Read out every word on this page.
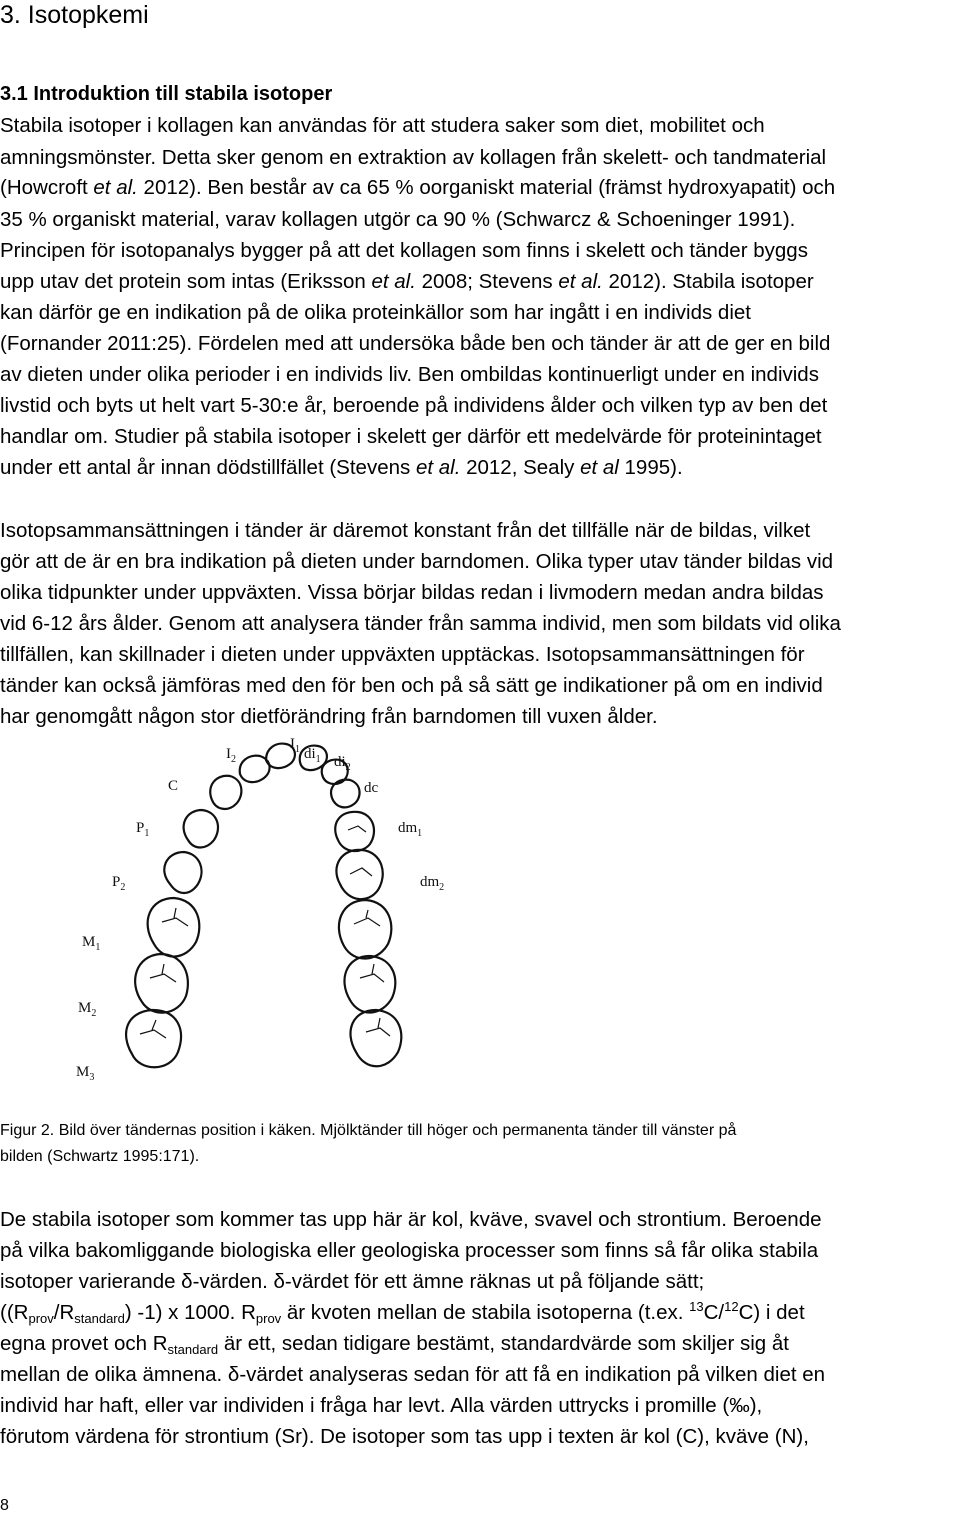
3. Isotopkemi
3.1 Introduktion till stabila isotoper
Stabila isotoper i kollagen kan användas för att studera saker som diet, mobilitet och
amningsmönster. Detta sker genom en extraktion av kollagen från skelett- och tandmaterial
(Howcroft et al. 2012). Ben består av ca 65 % oorganiskt material (främst hydroxyapatit) och
35 % organiskt material, varav kollagen utgör ca 90 % (Schwarcz & Schoeninger 1991).
Principen för isotopanalys bygger på att det kollagen som finns i skelett och tänder byggs
upp utav det protein som intas (Eriksson et al. 2008; Stevens et al. 2012). Stabila isotoper
kan därför ge en indikation på de olika proteinkällor som har ingått i en individs diet
(Fornander 2011:25). Fördelen med att undersöka både ben och tänder är att de ger en bild
av dieten under olika perioder i en individs liv. Ben ombildas kontinuerligt under en individs
livstid och byts ut helt vart 5-30:e år, beroende på individens ålder och vilken typ av ben det
handlar om. Studier på stabila isotoper i skelett ger därför ett medelvärde för proteinintaget
under ett antal år innan dödstillfället (Stevens et al. 2012, Sealy et al 1995).
Isotopsammansättningen i tänder är däremot konstant från det tillfälle när de bildas, vilket
gör att de är en bra indikation på dieten under barndomen. Olika typer utav tänder bildas vid
olika tidpunkter under uppväxten. Vissa börjar bildas redan i livmodern medan andra bildas
vid 6-12 års ålder. Genom att analysera tänder från samma individ, men som bildats vid olika
tillfällen, kan skillnader i dieten under uppväxten upptäckas. Isotopsammansättningen för
tänder kan också jämföras med den för ben och på så sätt ge indikationer på om en individ
har genomgått någon stor dietförändring från barndomen till vuxen ålder.
$I_1$
$I_2$	$di_1$ $di_2$
C	dc
$P_1$	$dm_1$
$P_2$	$dm_2$
$M_1$
$M_2$
$M_3$
Figur 2. Bild över tändernas position i käken. Mjölktänder till höger och permanenta tänder till vänster på
bilden (Schwartz 1995:171).
De stabila isotoper som kommer tas upp här är kol, kväve, svavel och strontium. Beroende
på vilka bakomliggande biologiska eller geologiska processer som finns så får olika stabila
isotoper varierande δ-värden. δ-värdet för ett ämne räknas ut på följande sätt;
((Rprov/Rstandard) -1) x 1000. Rprov är kvoten mellan de stabila isotoperna (t.ex. $^{13}$C/$^{12}$C) i det
egna provet och Rstandard är ett, sedan tidigare bestämt, standardvärde som skiljer sig åt
mellan de olika ämnena. δ-värdet analyseras sedan för att få en indikation på vilken diet en
individ har haft, eller var individen i fråga har levt. Alla värden uttrycks i promille (‰),
förutom värdena för strontium (Sr). De isotoper som tas upp i texten är kol (C), kväve (N),
8
